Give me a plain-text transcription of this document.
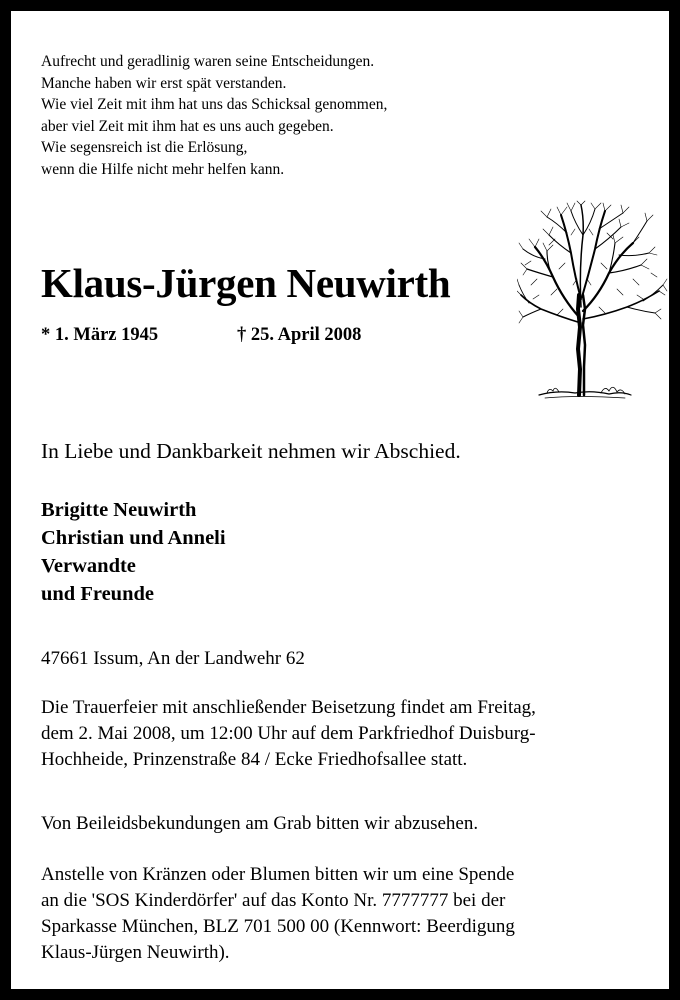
Aufrecht und geradlinig waren seine Entscheidungen.
Manche haben wir erst spät verstanden.
Wie viel Zeit mit ihm hat uns das Schicksal genommen,
aber viel Zeit mit ihm hat es uns auch gegeben.
Wie segensreich ist die Erlösung,
wenn die Hilfe nicht mehr helfen kann.
Klaus-Jürgen Neuwirth
* 1. März 1945	† 25. April 2008
In Liebe und Dankbarkeit nehmen wir Abschied.
Brigitte Neuwirth
Christian und Anneli
Verwandte
und Freunde
47661 Issum, An der Landwehr 62
Die Trauerfeier mit anschließender Beisetzung findet am Freitag,
dem 2. Mai 2008, um 12:00 Uhr auf dem Parkfriedhof Duisburg-
Hochheide, Prinzenstraße 84 / Ecke Friedhofsallee statt.
Von Beileidsbekundungen am Grab bitten wir abzusehen.
Anstelle von Kränzen oder Blumen bitten wir um eine Spende
an die 'SOS Kinderdörfer' auf das Konto Nr. 7777777 bei der
Sparkasse München, BLZ 701 500 00 (Kennwort: Beerdigung
Klaus-Jürgen Neuwirth).
